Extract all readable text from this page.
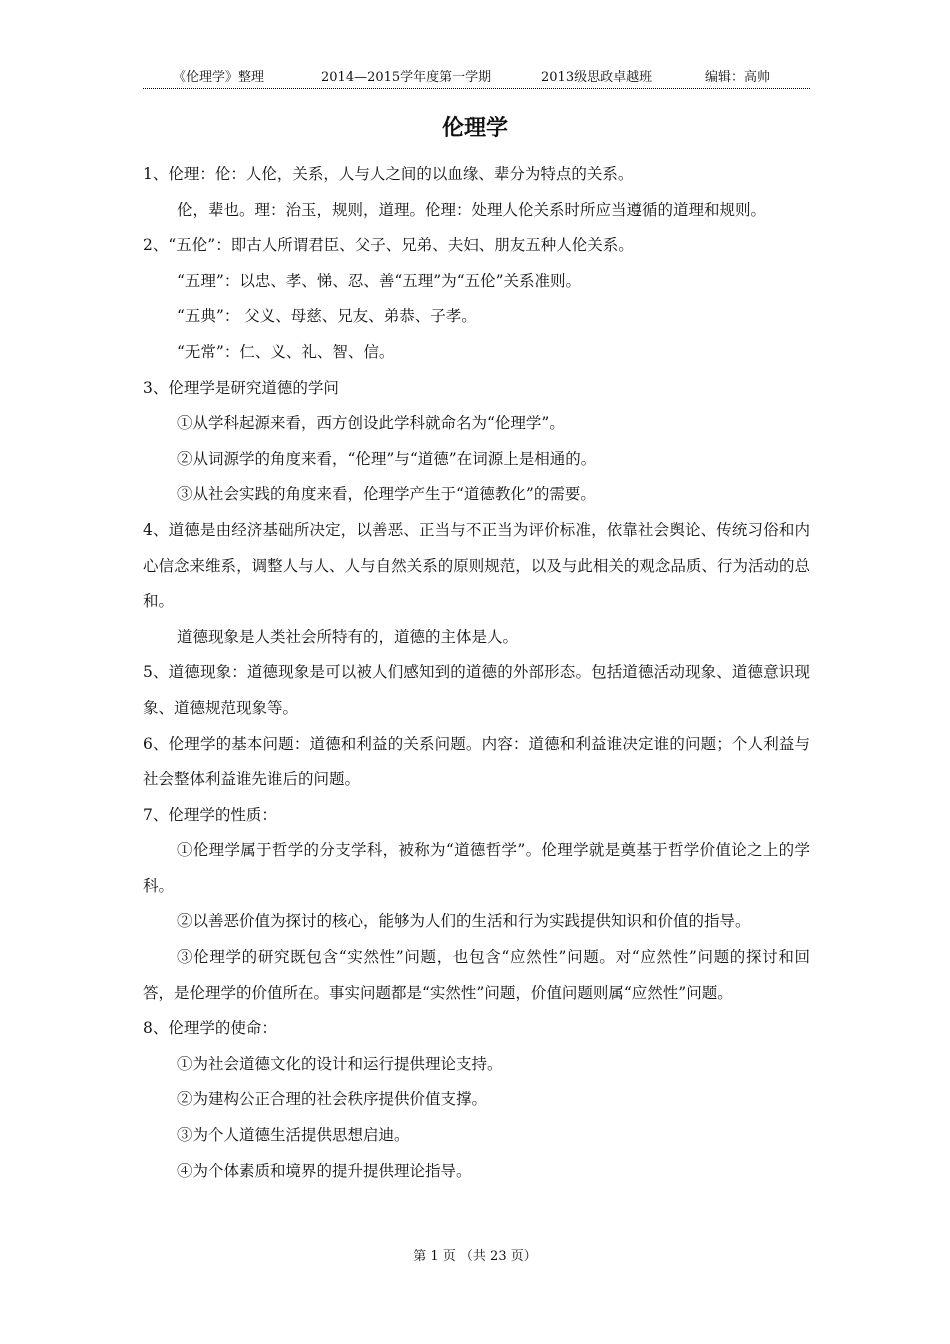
《伦理学》整理	2014—2015学年度第一学期	2013级思政卓越班	编辑：高帅
伦理学

1、伦理：伦：人伦，关系，人与人之间的以血缘、辈分为特点的关系。

伦，辈也。理：治玉，规则，道理。伦理：处理人伦关系时所应当遵循的道理和规则。

2、“五伦”：即古人所谓君臣、父子、兄弟、夫妇、朋友五种人伦关系。

“五理”：以忠、孝、悌、忍、善“五理”为“五伦”关系准则。

“五典”： 父义、母慈、兄友、弟恭、子孝。

“无常”：仁、义、礼、智、信。

3、伦理学是研究道德的学问

①从学科起源来看，西方创设此学科就命名为“伦理学”。

②从词源学的角度来看，“伦理”与“道德”在词源上是相通的。

③从社会实践的角度来看，伦理学产生于“道德教化”的需要。

4、道德是由经济基础所决定，以善恶、正当与不正当为评价标准，依靠社会舆论、传统习俗和内心信念来维系，调整人与人、人与自然关系的原则规范，以及与此相关的观念品质、行为活动的总和。

道德现象是人类社会所特有的，道德的主体是人。

5、道德现象：道德现象是可以被人们感知到的道德的外部形态。包括道德活动现象、道德意识现象、道德规范现象等。

6、伦理学的基本问题：道德和利益的关系问题。内容：道德和利益谁决定谁的问题；个人利益与社会整体利益谁先谁后的问题。

7、伦理学的性质：

①伦理学属于哲学的分支学科，被称为“道德哲学”。伦理学就是奠基于哲学价值论之上的学科。

②以善恶价值为探讨的核心，能够为人们的生活和行为实践提供知识和价值的指导。

③伦理学的研究既包含“实然性”问题，也包含“应然性”问题。对“应然性”问题的探讨和回答，是伦理学的价值所在。事实问题都是“实然性”问题，价值问题则属“应然性”问题。

8、伦理学的使命：

①为社会道德文化的设计和运行提供理论支持。

②为建构公正合理的社会秩序提供价值支撑。

③为个人道德生活提供思想启迪。

④为个体素质和境界的提升提供理论指导。

第 1 页 （共 23 页）
